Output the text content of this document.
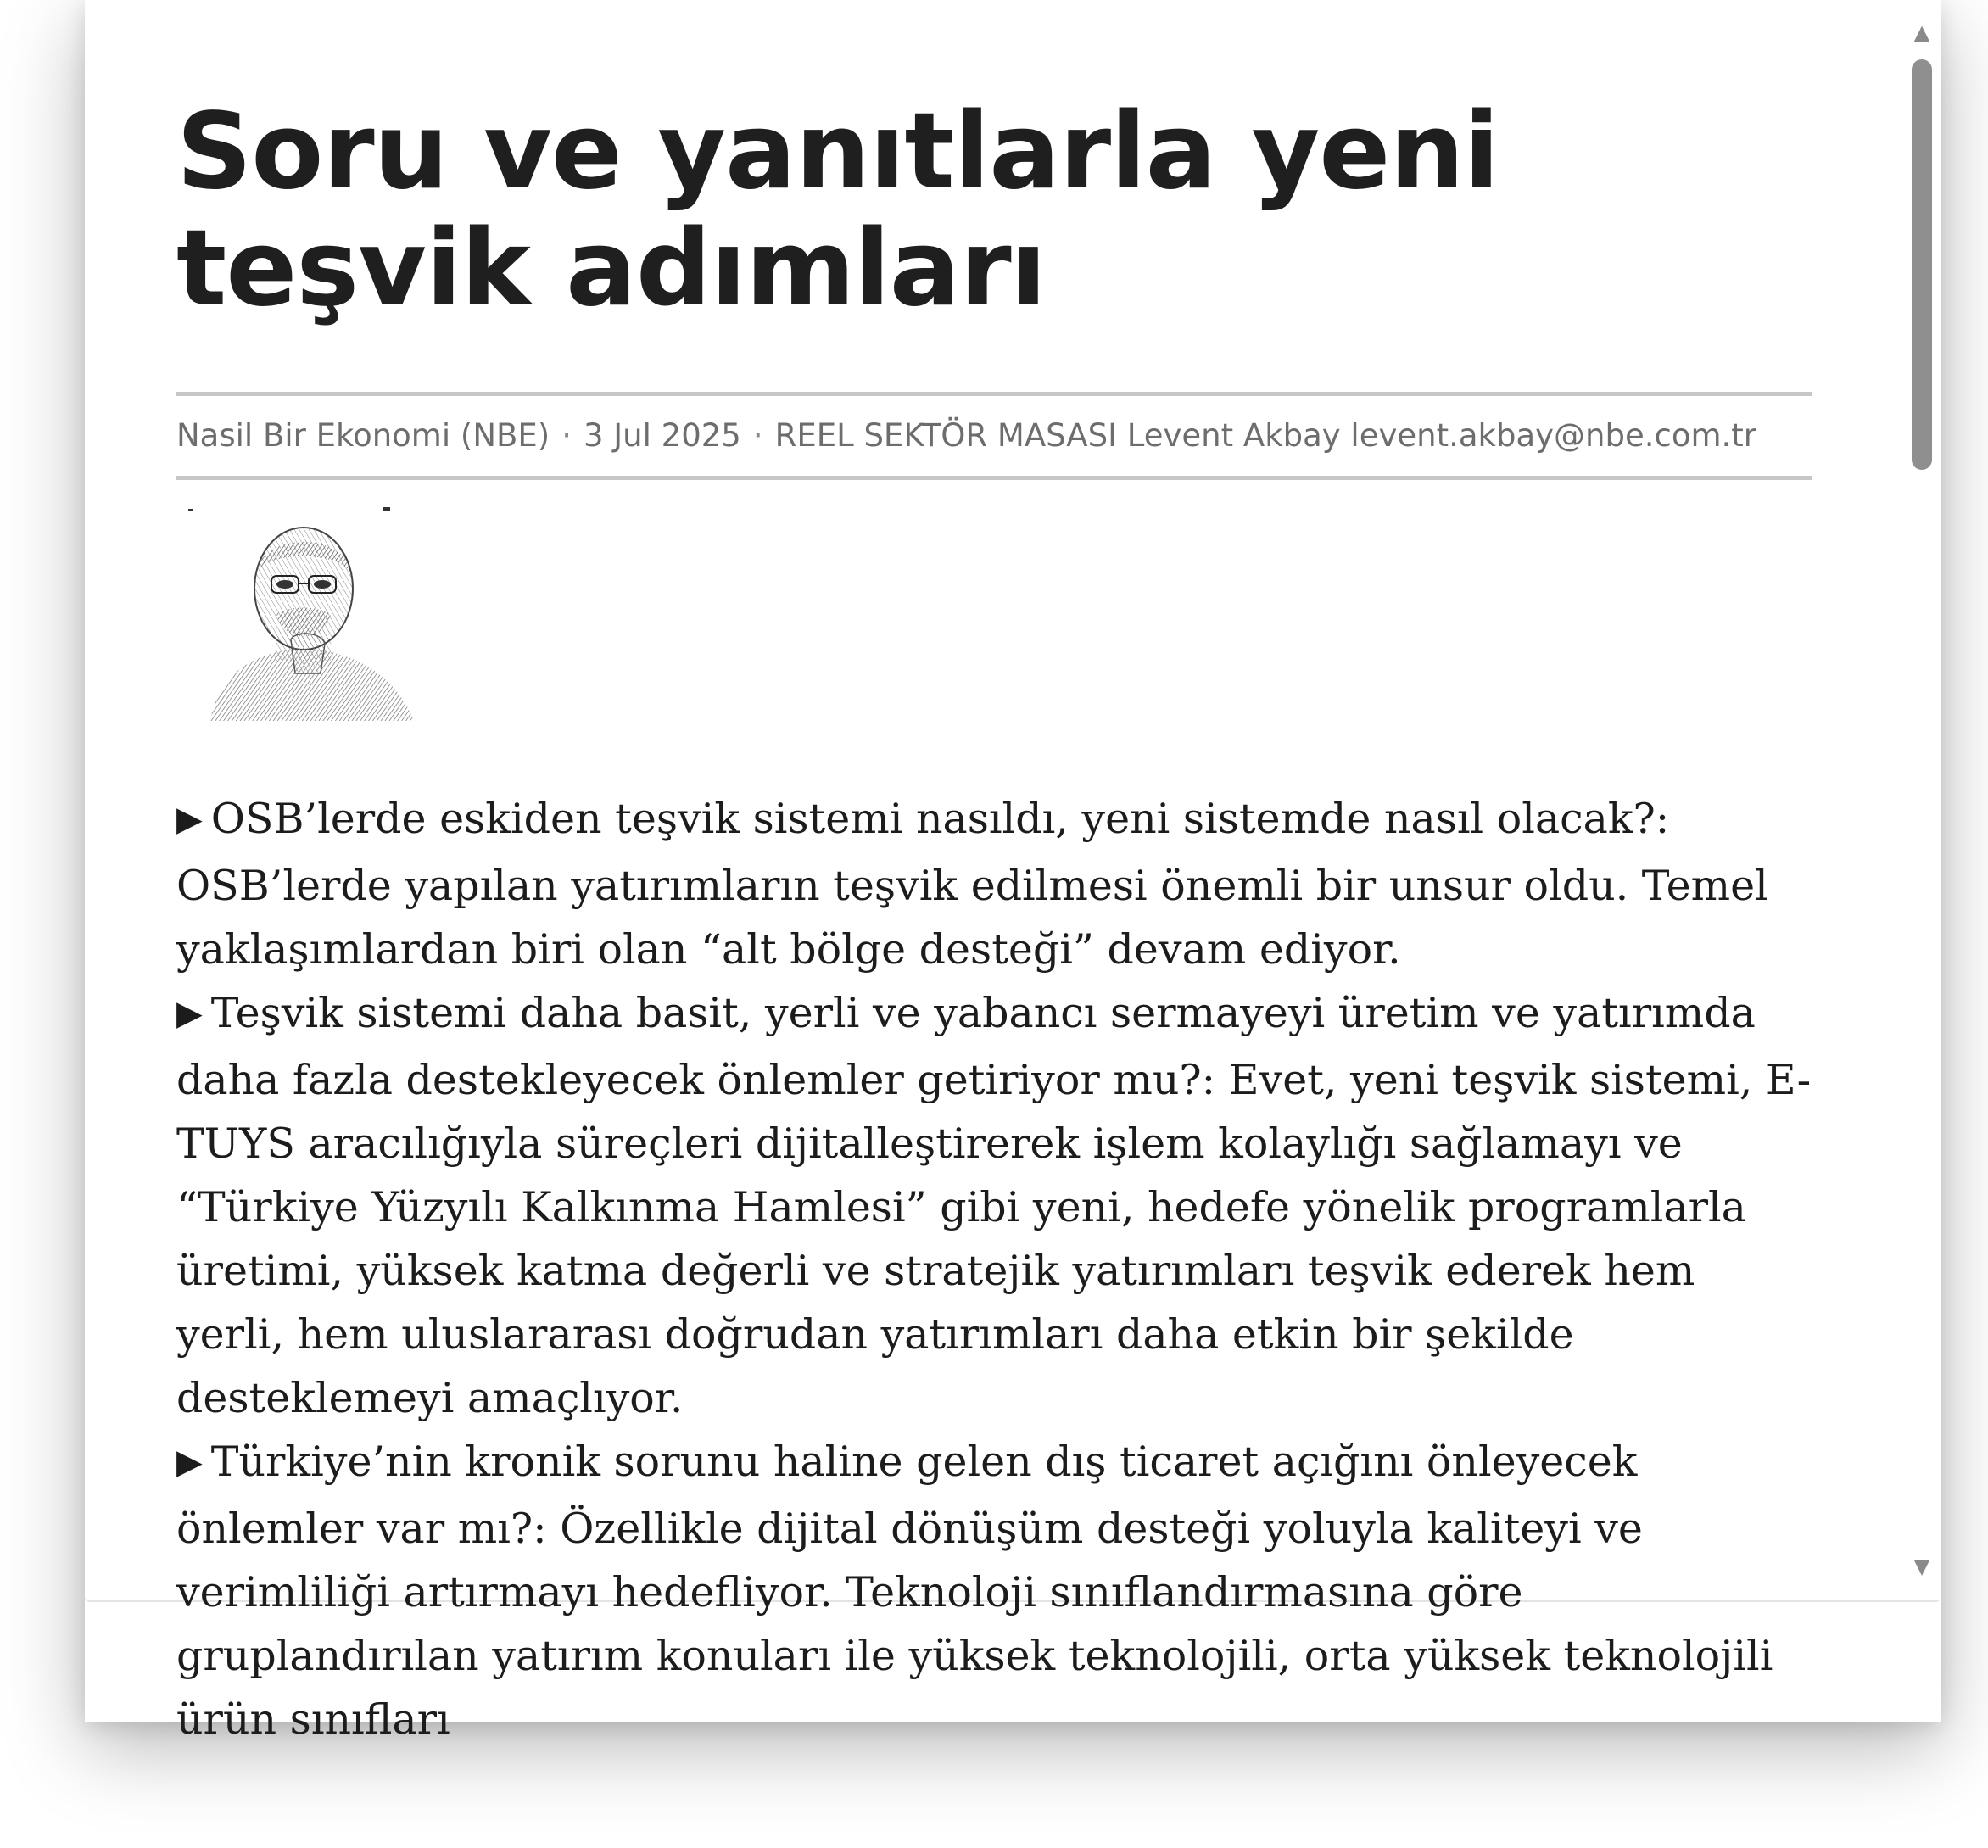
Soru ve yanıtlarla yeni teşvik adımları
Nasil Bir Ekonomi (NBE) · 3 Jul 2025 · REEL SEKTÖR MASASI Levent Akbay levent.akbay@nbe.com.tr

▶ OSB’lerde eskiden teşvik sistemi nasıldı, yeni sistemde nasıl olacak?: OSB’lerde yapılan yatırımların teşvik edilmesi önemli bir unsur oldu. Temel yaklaşımlardan biri olan “alt bölge desteği” devam ediyor.

▶ Teşvik sistemi daha basit, yerli ve yabancı sermayeyi üretim ve yatırımda daha fazla destekleyecek önlemler getiriyor mu?: Evet, yeni teşvik sistemi, E-TUYS aracılığıyla süreçleri dijitalleştirerek işlem kolaylığı sağlamayı ve “Türkiye Yüzyılı Kalkınma Hamlesi” gibi yeni, hedefe yönelik programlarla üretimi, yüksek katma değerli ve stratejik yatırımları teşvik ederek hem yerli, hem uluslararası doğrudan yatırımları daha etkin bir şekilde desteklemeyi amaçlıyor.

▶ Türkiye’nin kronik sorunu haline gelen dış ticaret açığını önleyecek önlemler var mı?: Özellikle dijital dönüşüm desteği yoluyla kaliteyi ve verimliliği artırmayı hedefliyor. Teknoloji sınıflandırmasına göre gruplandırılan yatırım konuları ile yüksek teknolojili, orta yüksek teknolojili ürün sınıfları

▲
▼
